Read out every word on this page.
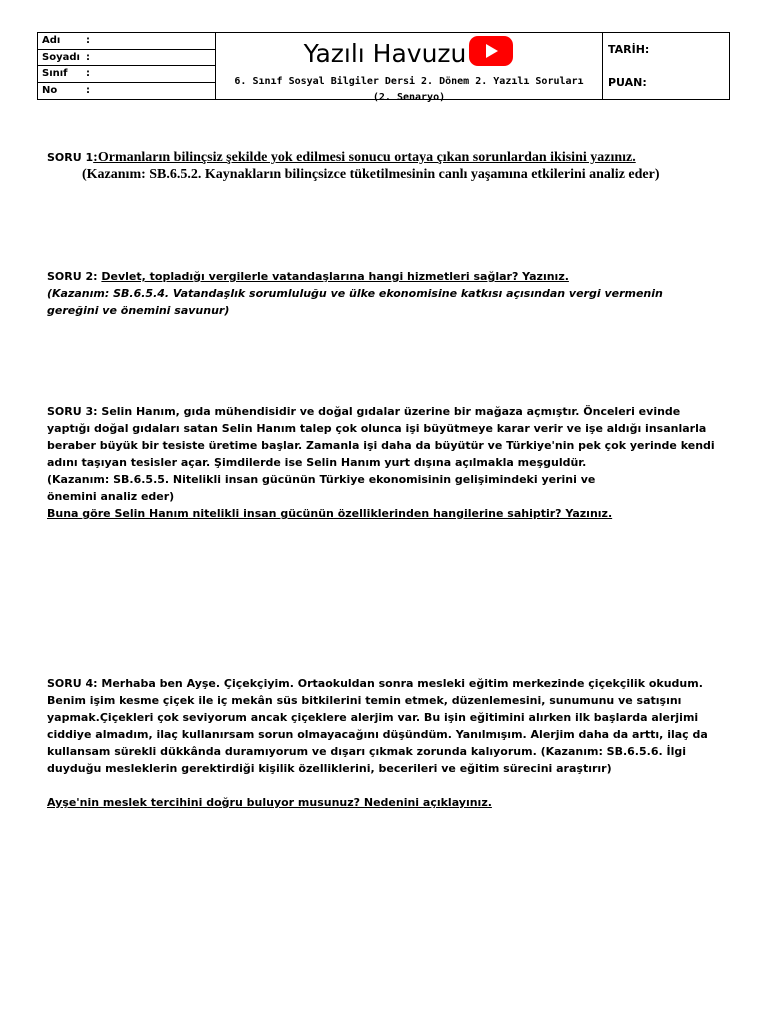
Adı	:
Soyadı :
Sınıf :
No	:
Yazılı Havuzu
6. Sınıf Sosyal Bilgiler Dersi 2. Dönem 2. Yazılı Soruları
(2. Senaryo)
TARİH:
PUAN:
SORU 1:Ormanların bilinçsiz şekilde yok edilmesi sonucu ortaya çıkan sorunlardan ikisini yazınız.
(Kazanım: SB.6.5.2. Kaynakların bilinçsizce tüketilmesinin canlı yaşamına etkilerini analiz eder)
SORU 2: Devlet, topladığı vergilerle vatandaşlarına hangi hizmetleri sağlar? Yazınız.
(Kazanım: SB.6.5.4. Vatandaşlık sorumluluğu ve ülke ekonomisine katkısı açısından vergi vermenin gereğini ve önemini savunur)
SORU 3: Selin Hanım, gıda mühendisidir ve doğal gıdalar üzerine bir mağaza açmıştır. Önceleri evinde yaptığı doğal gıdaları satan Selin Hanım talep çok olunca işi büyütmeye karar verir ve işe aldığı insanlarla beraber büyük bir tesiste üretime başlar. Zamanla işi daha da büyütür ve Türkiye'nin pek çok yerinde kendi adını taşıyan tesisler açar. Şimdilerde ise Selin Hanım yurt dışına açılmakla meşguldür.
(Kazanım: SB.6.5.5. Nitelikli insan gücünün Türkiye ekonomisinin gelişimindeki yerini ve önemini analiz eder)
Buna göre Selin Hanım nitelikli insan gücünün özelliklerinden hangilerine sahiptir? Yazınız.
SORU 4: Merhaba ben Ayşe. Çiçekçiyim. Ortaokuldan sonra mesleki eğitim merkezinde çiçekçilik okudum. Benim işim kesme çiçek ile iç mekân süs bitkilerini temin etmek, düzenlemesini, sunumunu ve satışını yapmak.Çiçekleri çok seviyorum ancak çiçeklere alerjim var. Bu işin eğitimini alırken ilk başlarda alerjimi ciddiye almadım, ilaç kullanırsam sorun olmayacağını düşündüm. Yanılmışım. Alerjim daha da arttı, ilaç da kullansam sürekli dükkânda duramıyorum ve dışarı çıkmak zorunda kalıyorum. (Kazanım: SB.6.5.6. İlgi duyduğu mesleklerin gerektirdiği kişilik özelliklerini, becerileri ve eğitim sürecini araştırır)
Ayşe'nin meslek tercihini doğru buluyor musunuz? Nedenini açıklayınız.
